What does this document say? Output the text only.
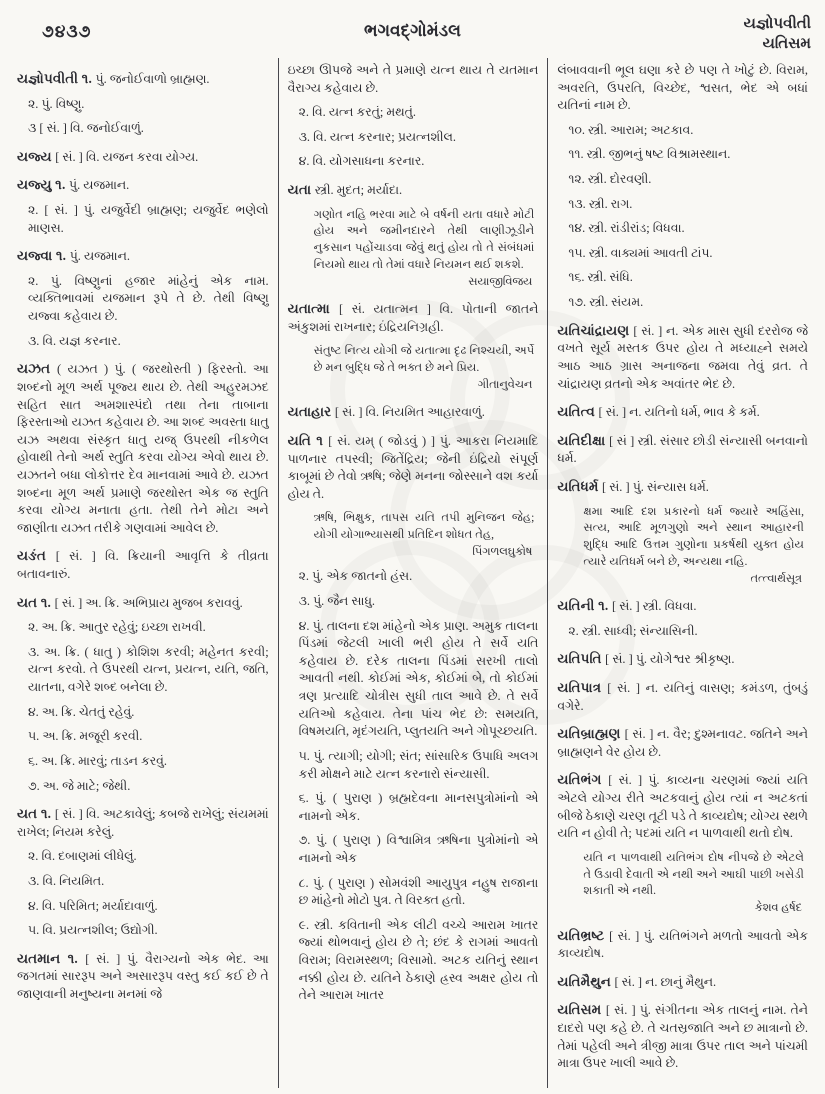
૭૪૩૭	ભગવદ્ગોમંડલ	યજ્ઞોપવીતી
યતિસમ

યજ્ઞોપવીતી ૧. પું. જનોઈવાળો બ્રાહ્મણ.

૨. પું. વિષ્ણુ.

૩ [ સં. ] વિ. જનોઈવાળું.

યજ્ય [ સં. ] વિ. યજન કરવા યોગ્ય.

યજ્યુ ૧. પું. યજમાન.

૨. [ સં. ] પું. યજુર્વેદી બ્રાહ્મણ; યજુર્વેદ ભણેલો માણસ.

યજ્વા ૧. પું. યજમાન.

૨. પું. વિષ્ણુનાં હજાર માંહેનું એક નામ. વ્યક્તિભાવમાં યજમાન રૂપે તે છે. તેથી વિષ્ણુ યજ્વા કહેવાય છે.

૩. વિ. યજ્ઞ કરનાર.

યઝત ( યઝત ) પું. ( જરથોસ્તી ) ફિરસ્તો. આ શબ્દનો મૂળ અર્થ પૂજ્ય થાય છે. તેથી અહુરમઝદ સહિત સાત અમશાસ્પંદો તથા તેના તાબાના ફિરસ્તાઓ યઝત કહેવાય છે. આ શબ્દ અવસ્તા ધાતુ યઝ અથવા સંસ્કૃત ધાતુ યજ્ ઉપરથી નીકળેલ હોવાથી તેનો અર્થ સ્તુતિ કરવા યોગ્ય એવો થાય છે. યઝતને બધા લોકોત્તર દેવ માનવામાં આવે છે. યઝત શબ્દના મૂળ અર્થ પ્રમાણે જરથોસ્ત એક જ સ્તુતિ કરવા યોગ્ય મનાતા હતા. તેથી તેને મોટા અને જાણીતા યઝત તરીકે ગણવામાં આવેલ છે.

યઙંત [ સં. ] વિ. ક્રિયાની આવૃત્તિ કે તીવ્રતા બતાવનારું.

યત ૧. [ સં. ] અ. ક્રિ. અભિપ્રાય મુજબ કરાવવું.

૨. અ. ક્રિ. આતુર રહેવું; ઇચ્છા રાખવી.

૩. અ. ક્રિ. ( ધાતુ ) કોશિશ કરવી; મહેનત કરવી; યત્ન કરવો. તે ઉપરથી યત્ન, પ્રયત્ન, યતિ, જતિ, યાતના, વગેરે શબ્દ બનેલા છે.

૪. અ. ક્રિ. ચેતતું રહેવું.

૫. અ. ક્રિ. મજૂરી કરવી.

૬. અ. ક્રિ. મારવું; તાડન કરવું.

૭. અ. જે માટે; જેથી.

યત ૧. [ સં. ] વિ. અટકાવેલું; કબજે રાખેલું; સંયમમાં રાખેલ; નિયમ કરેલું.

૨. વિ. દબાણમાં લીધેલું.

૩. વિ. નિયમિત.

૪. વિ. પરિમિત; મર્યાદાવાળું.

૫. વિ. પ્રયત્નશીલ; ઉદ્યોગી.

યતમાન ૧. [ સં. ] પું. વૈરાગ્યનો એક ભેદ. આ જગતમાં સારરૂપ અને અસારરૂપ વસ્તુ કઈ કઈ છે તે જાણવાની મનુષ્યના મનમાં જે

ઇચ્છા ઊપજે અને તે પ્રમાણે યત્ન થાય તે યતમાન વૈરાગ્ય કહેવાય છે.

૨. વિ. યત્ન કરતું; મથતું.

૩. વિ. યત્ન કરનાર; પ્રયત્નશીલ.

૪. વિ. યોગસાધના કરનાર.

યતા સ્ત્રી. મુદત; મર્યાદા.

ગણોત નહિ ભરવા માટે બે વર્ષની યતા વધારે મોટી હોય અને જમીનદારને તેથી લાણીઝૂડીને નુકસાન પહોંચાડવા જેવું થતું હોય તો તે સંબંધમાં નિયમો થાય તો તેમાં વધારે નિયમન થઈ શકશે.
સયાજીવિજય

યતાત્મા [ સં. યતાત્મન ] વિ. પોતાની જાતને અંકુશમાં રાખનાર; ઇંદ્રિયનિગ્રહી.

સંતુષ્ટ નિત્ય યોગી જે યતાત્મા દૃઢ નિશ્ચયી, અર્પે છે મન બુદ્ધિ જે તે ભક્ત છે મને પ્રિય.
ગીતાનુવેચન

યતાહાર [ સં. ] વિ. નિયમિત આહારવાળું.

યતિ ૧ [ સં. યમ્ ( જોડવું ) ] પું. આકરા નિયમાદિ પાળનાર તપસ્વી; જિતેંદ્રિય; જેની ઇંદ્રિયો સંપૂર્ણ કાબૂમાં છે તેવો ઋષિ; જેણે મનના જોસ્સાને વશ કર્યા હોય તે.

ઋષિ, ભિક્ષુક, તાપસ યતિ તપી મુનિજન જેહ; યોગી યોગાભ્યાસથી પ્રતિદિન શોધત તેહ,
પિંગળલઘુકોષ

૨. પું. એક જાતનો હંસ.

૩. પું. જૈન સાધુ.

૪. પું. તાલના દશ માંહેનો એક પ્રાણ. અમુક તાલના પિંડમાં જેટલી ખાલી ભરી હોય તે સર્વે યતિ કહેવાય છે. દરેક તાલના પિંડમાં સરખી તાલો આવતી નથી. કોઈમાં એક, કોઈમાં બે, તો કોઈમાં ત્રણ પ્રત્યાદિ ચોત્રીસ સુધી તાલ આવે છે. તે સર્વે યતિઓ કહેવાય. તેના પાંચ ભેદ છે: સમયતિ, વિષમયતિ, મૃદંગયતિ, પ્લુતયતિ અને ગોપૂચ્છયતિ.

૫. પું. ત્યાગી; યોગી; સંત; સાંસારિક ઉપાધિ અલગ કરી મોક્ષને માટે યત્ન કરનારો સંન્યાસી.

૬. પું. ( પુરાણ ) બ્રહ્મદેવના માનસપુત્રોમાંનો એ નામનો એક.

૭. પું. ( પુરાણ ) વિશ્વામિત્ર ઋષિના પુત્રોમાંનો એ નામનો એક

૮. પું. ( પુરાણ ) સોમવંશી આયુપુત્ર નહુષ રાજાના છ માંહેનો મોટો પુત્ર. તે વિરક્ત હતો.

૯. સ્ત્રી. કવિતાની એક લીટી વચ્ચે આરામ ખાતર જ્યાં થોભવાનું હોય છે તે; છંદ કે રાગમાં આવતો વિરામ; વિરામસ્થળ; વિસામો. અટક યતિનું સ્થાન નક્કી હોય છે. યતિને ઠેકાણે હ્રસ્વ અક્ષર હોય તો તેને આરામ ખાતર

લંબાવવાની ભૂલ ઘણા કરે છે પણ તે ખોટું છે. વિરામ, અવરતિ, ઉપરતિ, વિચ્છેદ, શ્વસત, ભેદ એ બધાં યતિનાં નામ છે.

૧૦. સ્ત્રી. આરામ; અટકાવ.

૧૧. સ્ત્રી. જીભનું ષષ્ટ વિશ્રામસ્થાન.

૧૨. સ્ત્રી. દોરવણી.

૧૩. સ્ત્રી. રાગ.

૧૪. સ્ત્રી. રાંડીરાંડ; વિધવા.

૧૫. સ્ત્રી. વાક્યમાં આવતી ટાંપ.

૧૬. સ્ત્રી. સંધિ.

૧૭. સ્ત્રી. સંયમ.

યતિચાંદ્રાયણ [ સં. ] ન. એક માસ સુધી દરરોજ જે વખતે સૂર્ય મસ્તક ઉપર હોય તે મધ્યાહ્ને સમયે આઠ આઠ ગ્રાસ અનાજના જમવા તેવું વ્રત. તે ચાંદ્રાયણ વ્રતનો એક અવાંતર ભેદ છે.

યતિત્વ [ સં. ] ન. યતિનો ધર્મ, ભાવ કે કર્મ.

યતિદીક્ષા [ સં ] સ્ત્રી. સંસાર છોડી સંન્યાસી બનવાનો ધર્મ.

યતિધર્મ [ સં. ] પું. સંન્યાસ ધર્મ.

ક્ષમા આદિ દશ પ્રકારનો ધર્મ જ્યારે અહિંસા, સત્ય, આદિ મૂળગુણો અને સ્થાન આહારની શુદ્ધિ આદિ ઉત્તમ ગુણોના પ્રકર્ષથી યુક્ત હોય ત્યારે યતિધર્મ બને છે, અન્યથા નહિ.
તત્ત્વાર્થસૂત્ર

યતિની ૧. [ સં. ] સ્ત્રી. વિધવા.

૨. સ્ત્રી. સાધ્વી; સંન્યાસિની.

યતિપતિ [ સં. ] પું. યોગેશ્વર શ્રીકૃષ્ણ.

યતિપાત્ર [ સં. ] ન. યતિનું વાસણ; કમંડળ, તુંબડું વગેરે.

યતિબ્રાહ્મણ [ સં. ] ન. વૈર; દુશ્મનાવટ. જતિને અને બ્રાહ્મણને વેર હોય છે.

યતિભંગ [ સં. ] પું. કાવ્યના ચરણમાં જ્યાં યતિ એટલે યોગ્ય રીતે અટકવાનું હોય ત્યાં ન અટકતાં બીજે ઠેકાણે ચરણ તૂટી પડે તે કાવ્યદોષ; યોગ્ય સ્થળે યતિ ન હોવી તે; પદમાં યતિ ન પાળવાથી થતો દોષ.

યતિ ન પાળવાથી યતિભંગ દોષ નીપજે છે એટલે તે ઉડાવી દેવાતી એ નથી અને આઘી પાછી ખસેડી શકાતી એ નથી.
કેશવ હર્ષદ

યતિભ્રષ્ટ [ સં. ] પું. યતિભંગને મળતો આવતો એક કાવ્યદોષ.

યતિમૈથુન [ સં. ] ન. છાનું મૈથુન.

યતિસમ [ સં. ] પું. સંગીતના એક તાલનું નામ. તેને દાદરો પણ કહે છે. તે ચતસ્રજાતિ અને છ માત્રાનો છે. તેમાં પહેલી અને ત્રીજી માત્રા ઉપર તાલ અને પાંચમી માત્રા ઉપર ખાલી આવે છે.
